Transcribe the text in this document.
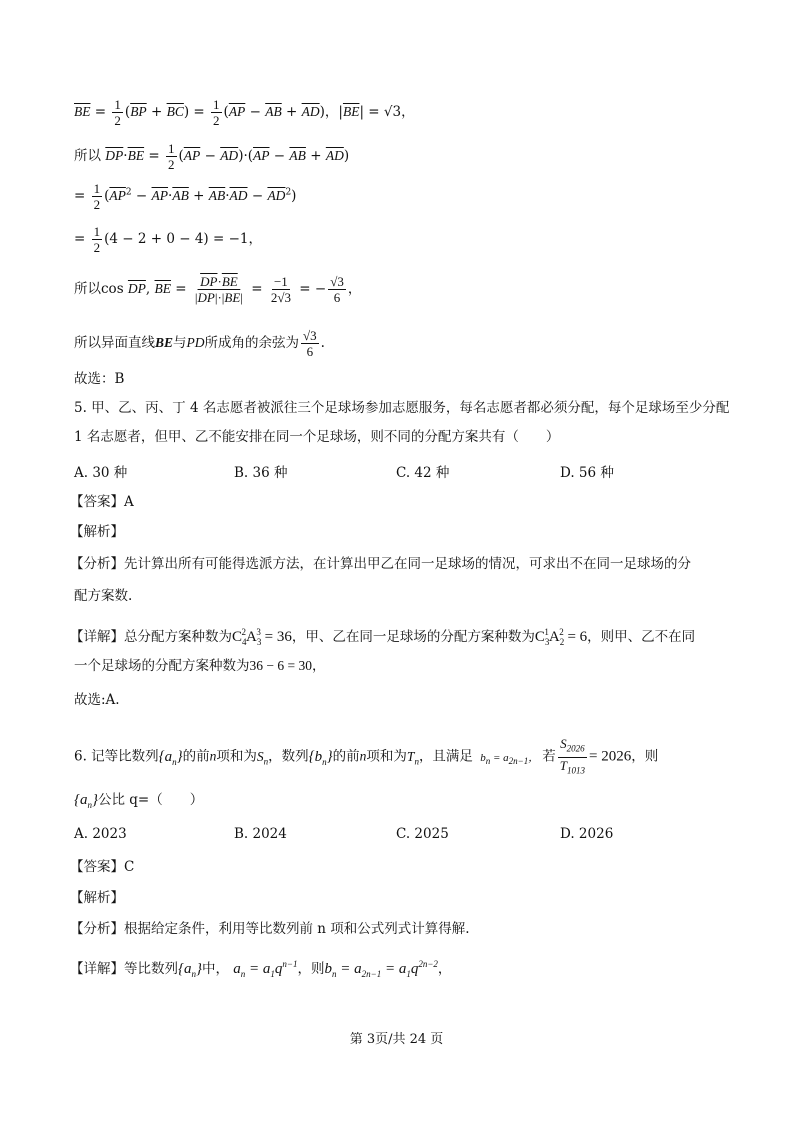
$\overline{BE} = \frac{1}{2} (\overline{BP} + \overline{BC}) = \frac{1}{2} (\overline{AP} - \overline{AB} + \overline{AD})$，$|\overline{BE}| = √3$，
所以 $\overline{DP}\cdot\overline{BE} = \frac{1}{2} (\overline{AP} - \overline{AD})\cdot(\overline{AP} - \overline{AB} + \overline{AD})$
= $\frac{1}{2} (\overline{AP}^2 - \overline{AP}\cdot\overline{AB} + \overline{AB}\cdot\overline{AD} - \overline{AD}^2)$
= $\frac{1}{2} (4 - 2 + 0 - 4) = -1$，
所以$\cos \overline{DP}$, $\overline{BE} = \frac{\overline{DP}\cdot\overline{BE}}{|\overline{DP}|\cdot|\overline{BE}|} = \frac{-1}{2√3}$ = − $\frac{√3}{6}$ ，
所以异面直线BE与PD所成角的余弦为 $\frac{√3}{6}$ .
故选：B
5. 甲、乙、丙、丁 4 名志愿者被派往三个足球场参加志愿服务，每名志愿者都必须分配，每个足球场至少分配
1 名志愿者，但甲、乙不能安排在同一个足球场，则不同的分配方案共有（　　）
A. 30 种	B. 36 种	C. 42 种	D. 56 种
【答案】A
【解析】
【分析】先计算出所有可能得选派方法，在计算出甲乙在同一足球场的情况，可求出不在同一足球场的分
配方案数.
【详解】总分配方案种数为$C_4^2A_3^3 = 36$，甲、乙在同一足球场的分配方案种数为$C_3^1A_2^2 = 6$，则甲、乙不在同
一个足球场的分配方案种数为36 − 6 = 30，
故选:A.
6. 记等比数列$\{a_n\}$的前n项和为$S_n$，数列$\{b_n\}$的前n项和为$T_n$，且满足 $b_n = a_{2n-1}$， 若 $\frac{S_{2026}}{T_{1013}} = 2026$，则
$\{a_n\}$公比 q=（　　）
A. 2023	B. 2024	C. 2025	D. 2026
【答案】C
【解析】
【分析】根据给定条件，利用等比数列前 n 项和公式列式计算得解.
【详解】等比数列$\{a_n\}$中， $a_n = a_1q^{n-1}$，则$b_n = a_{2n-1} = a_1q^{2n-2}$，
第 3页/共 24 页
